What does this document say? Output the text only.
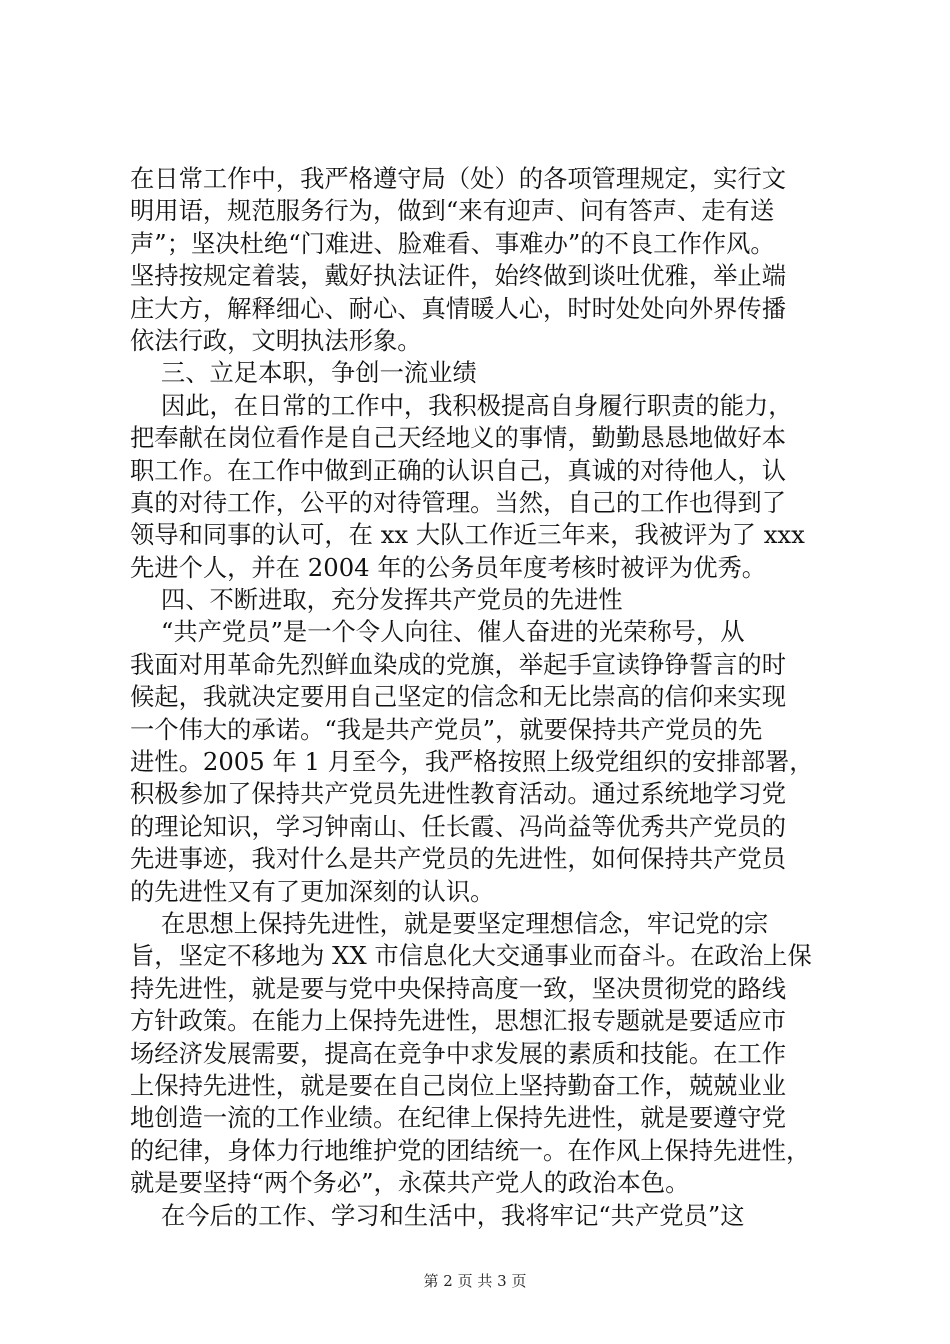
在日常工作中，我严格遵守局（处）的各项管理规定，实行文
明用语，规范服务行为，做到“来有迎声、问有答声、走有送
声”；坚决杜绝“门难进、脸难看、事难办”的不良工作作风。
坚持按规定着装，戴好执法证件，始终做到谈吐优雅，举止端
庄大方，解释细心、耐心、真情暖人心，时时处处向外界传播
依法行政，文明执法形象。
三、立足本职，争创一流业绩
因此，在日常的工作中，我积极提高自身履行职责的能力，
把奉献在岗位看作是自己天经地义的事情，勤勤恳恳地做好本
职工作。在工作中做到正确的认识自己，真诚的对待他人，认
真的对待工作，公平的对待管理。当然，自己的工作也得到了
领导和同事的认可，在 xx 大队工作近三年来，我被评为了 xxx
先进个人，并在 2004 年的公务员年度考核时被评为优秀。
四、不断进取，充分发挥共产党员的先进性
“共产党员”是一个令人向往、催人奋进的光荣称号，从
我面对用革命先烈鲜血染成的党旗，举起手宣读铮铮誓言的时
候起，我就决定要用自己坚定的信念和无比崇高的信仰来实现
一个伟大的承诺。“我是共产党员”，就要保持共产党员的先
进性。2005 年 1 月至今，我严格按照上级党组织的安排部署，
积极参加了保持共产党员先进性教育活动。通过系统地学习党
的理论知识，学习钟南山、任长霞、冯尚益等优秀共产党员的
先进事迹，我对什么是共产党员的先进性，如何保持共产党员
的先进性又有了更加深刻的认识。
在思想上保持先进性，就是要坚定理想信念，牢记党的宗
旨，坚定不移地为 XX 市信息化大交通事业而奋斗。在政治上保
持先进性，就是要与党中央保持高度一致，坚决贯彻党的路线
方针政策。在能力上保持先进性，思想汇报专题就是要适应市
场经济发展需要，提高在竞争中求发展的素质和技能。在工作
上保持先进性，就是要在自己岗位上坚持勤奋工作，兢兢业业
地创造一流的工作业绩。在纪律上保持先进性，就是要遵守党
的纪律，身体力行地维护党的团结统一。在作风上保持先进性，
就是要坚持“两个务必”，永葆共产党人的政治本色。
在今后的工作、学习和生活中，我将牢记“共产党员”这
第 2 页 共 3 页
